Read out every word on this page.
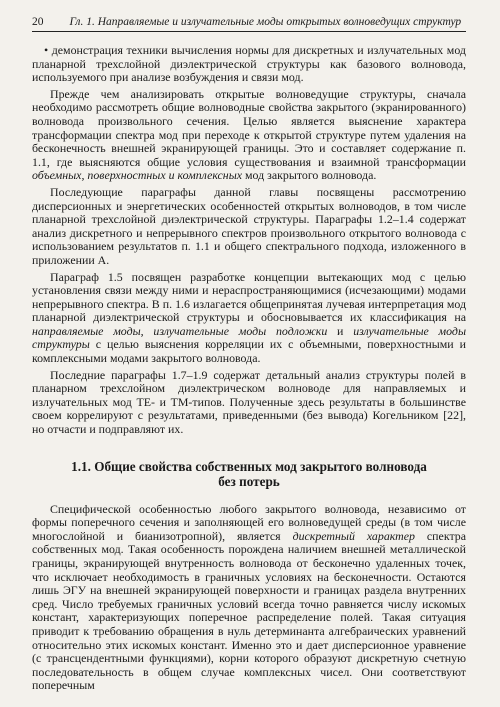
20 Гл. 1. Направляемые и излучательные моды открытых волноведущих структур

• демонстрация техники вычисления нормы для дискретных и излучательных мод планарной трехслойной диэлектрической структуры как базового волновода, используемого при анализе возбуждения и связи мод.

Прежде чем анализировать открытые волноведущие структуры, сначала необходимо рассмотреть общие волноводные свойства закрытого (экранированного) волновода произвольного сечения. Целью является выяснение характера трансформации спектра мод при переходе к открытой структуре путем удаления на бесконечность внешней экранирующей границы. Это и составляет содержание п. 1.1, где выясняются общие условия существования и взаимной трансформации объемных, поверхностных и комплексных мод закрытого волновода.

Последующие параграфы данной главы посвящены рассмотрению дисперсионных и энергетических особенностей открытых волноводов, в том числе планарной трехслойной диэлектрической структуры. Параграфы 1.2–1.4 содержат анализ дискретного и непрерывного спектров произвольного открытого волновода с использованием результатов п. 1.1 и общего спектрального подхода, изложенного в приложении А.

Параграф 1.5 посвящен разработке концепции вытекающих мод с целью установления связи между ними и нераспространяющимися (исчезающими) модами непрерывного спектра. В п. 1.6 излагается общепринятая лучевая интерпретация мод планарной диэлектрической структуры и обосновывается их классификация на направляемые моды, излучательные моды подложки и излучательные моды структуры с целью выяснения корреляции их с объемными, поверхностными и комплексными модами закрытого волновода.

Последние параграфы 1.7–1.9 содержат детальный анализ структуры полей в планарном трехслойном диэлектрическом волноводе для направляемых и излучательных мод TE- и TM-типов. Полученные здесь результаты в большинстве своем коррелируют с результатами, приведенными (без вывода) Когельником [22], но отчасти и подправляют их.

1.1. Общие свойства собственных мод закрытого волновода
без потерь

Специфической особенностью любого закрытого волновода, независимо от формы поперечного сечения и заполняющей его волноведущей среды (в том числе многослойной и бианизотропной), является дискретный характер спектра собственных мод. Такая особенность порождена наличием внешней металлической границы, экранирующей внутренность волновода от бесконечно удаленных точек, что исключает необходимость в граничных условиях на бесконечности. Остаются лишь ЭГУ на внешней экранирующей поверхности и границах раздела внутренних сред. Число требуемых граничных условий всегда точно равняется числу искомых констант, характеризующих поперечное распределение полей. Такая ситуация приводит к требованию обращения в нуль детерминанта алгебраических уравнений относительно этих искомых констант. Именно это и дает дисперсионное уравнение (с трансцендентными функциями), корни которого образуют дискретную счетную последовательность в общем случае комплексных чисел. Они соответствуют поперечным
